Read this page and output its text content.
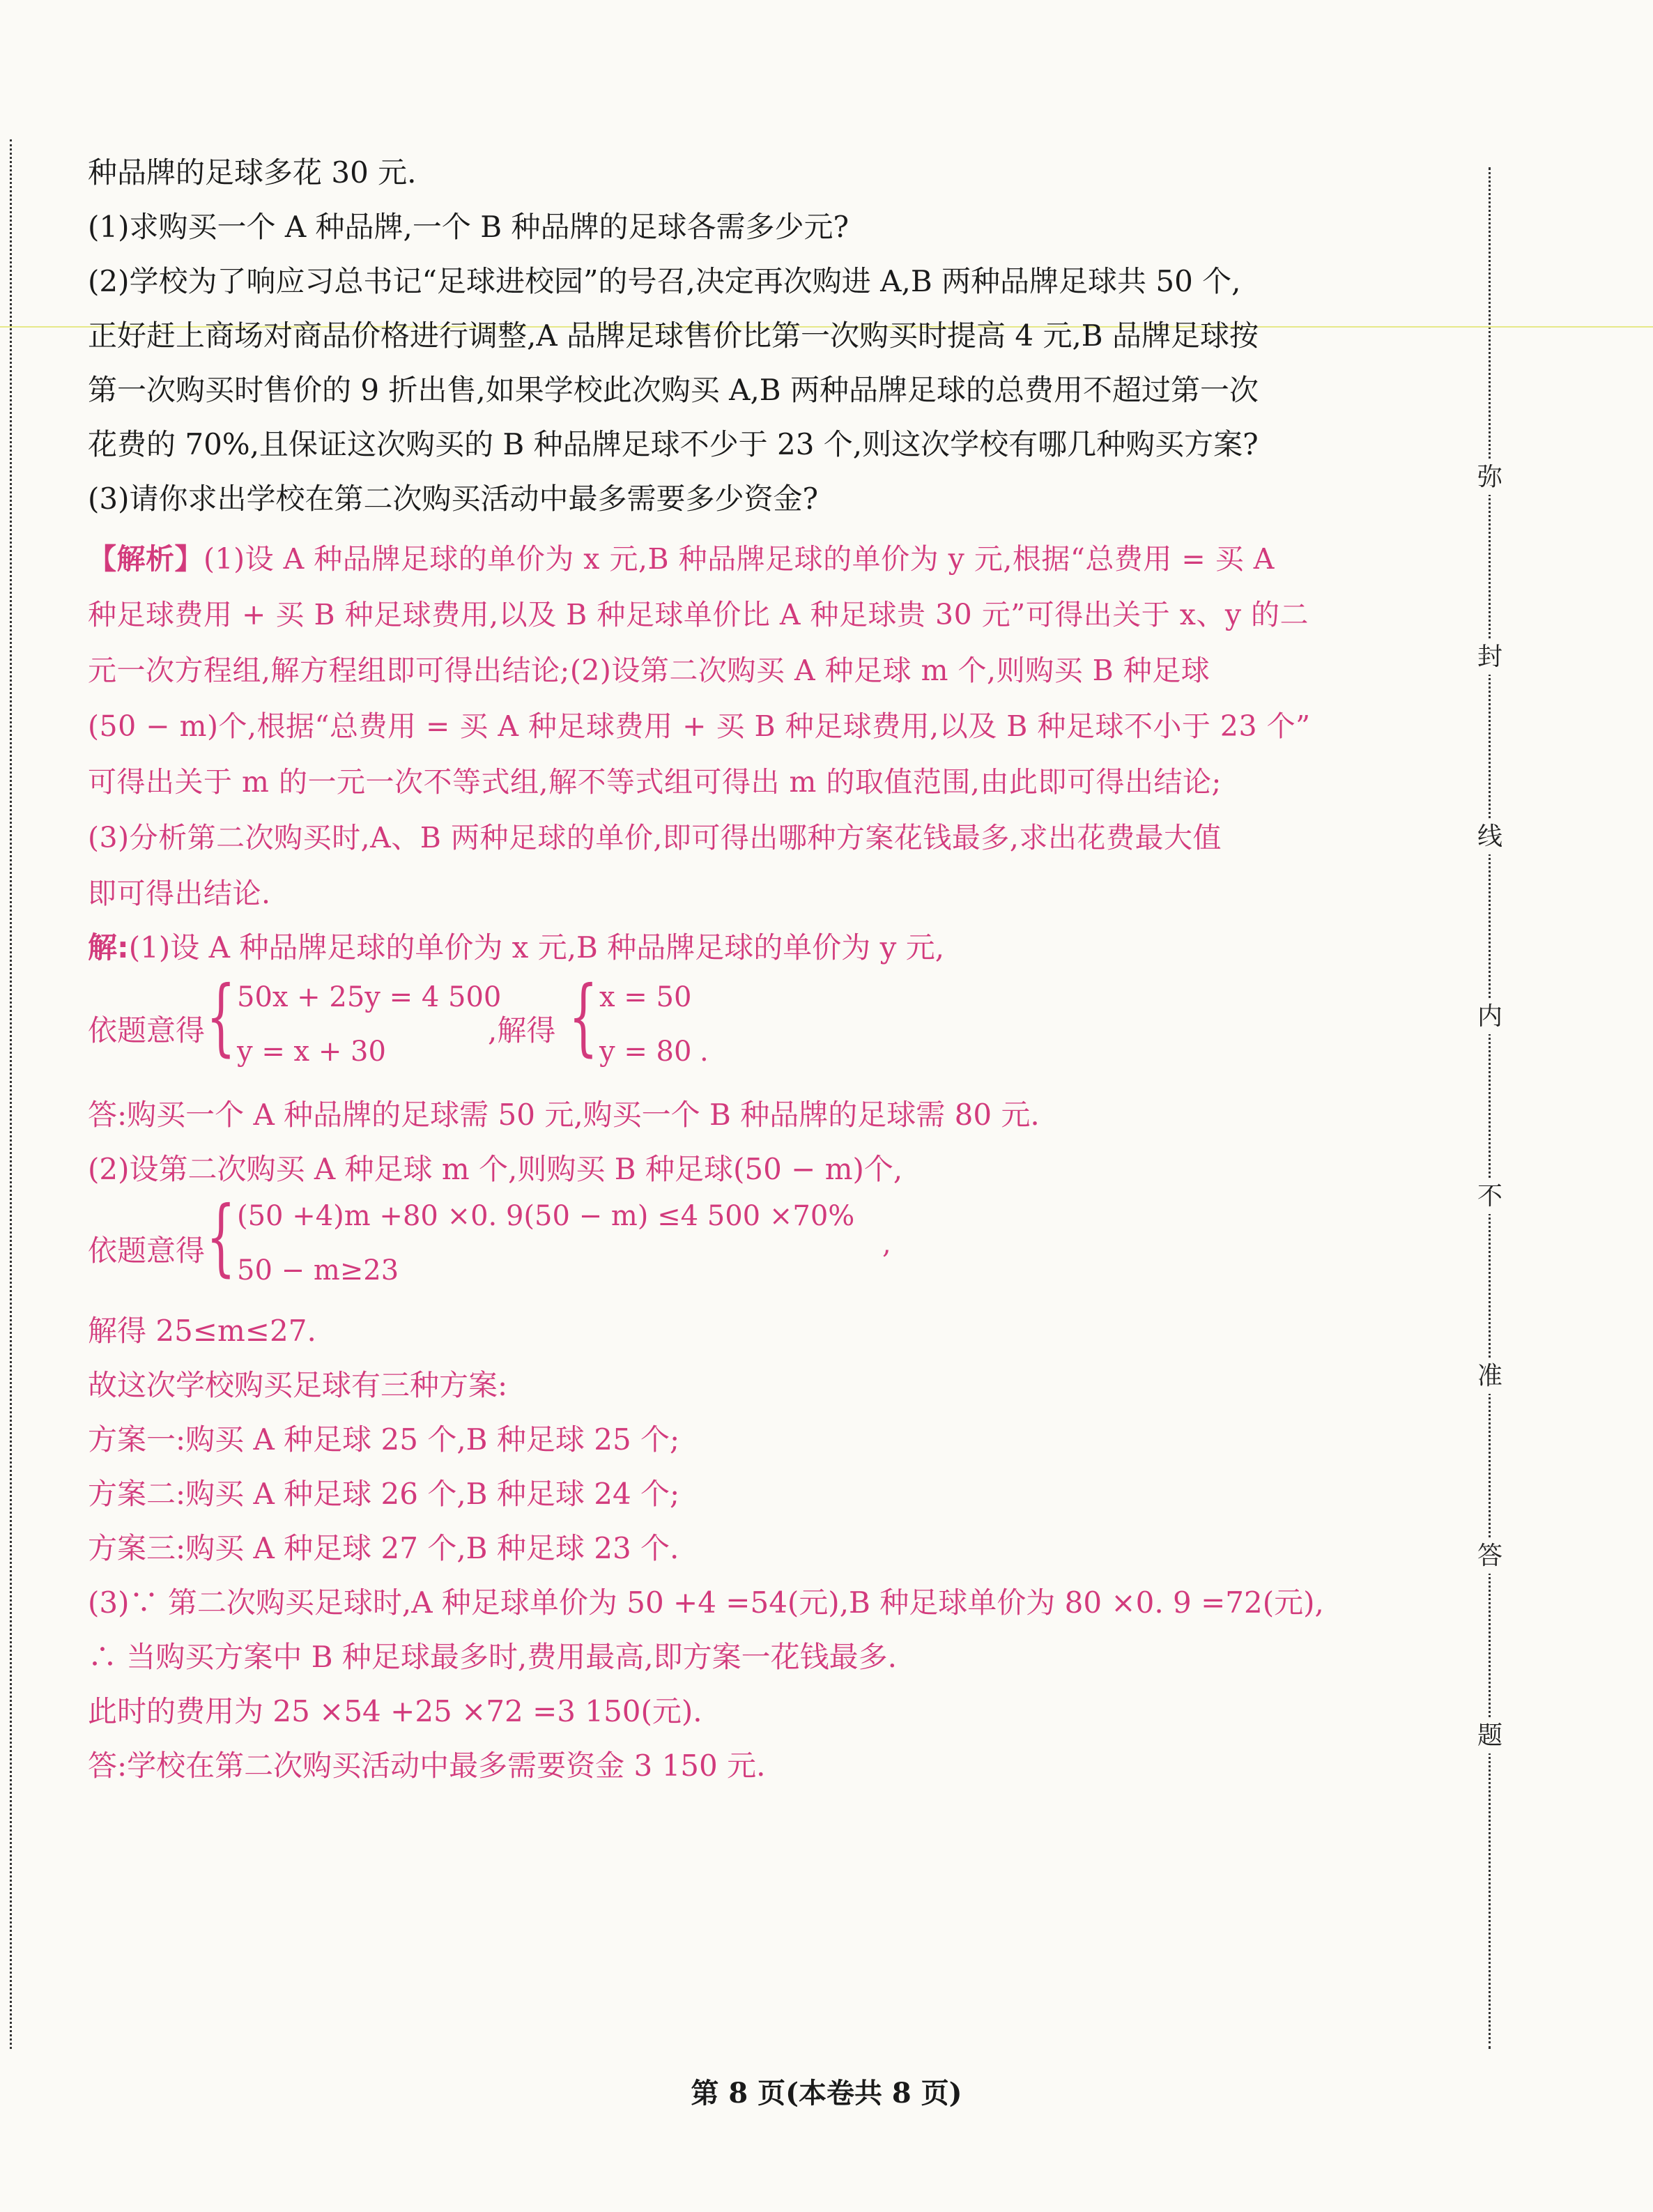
弥
封
线
内
不
准
答
题
种品牌的足球多花 30 元.
(1)求购买一个 A 种品牌,一个 B 种品牌的足球各需多少元?
(2)学校为了响应习总书记“足球进校园”的号召,决定再次购进 A,B 两种品牌足球共 50 个,
正好赶上商场对商品价格进行调整,A 品牌足球售价比第一次购买时提高 4 元,B 品牌足球按
第一次购买时售价的 9 折出售,如果学校此次购买 A,B 两种品牌足球的总费用不超过第一次
花费的 70%,且保证这次购买的 B 种品牌足球不少于 23 个,则这次学校有哪几种购买方案?
(3)请你求出学校在第二次购买活动中最多需要多少资金?
【解析】(1)设 A 种品牌足球的单价为 x 元,B 种品牌足球的单价为 y 元,根据“总费用 = 买 A
种足球费用 + 买 B 种足球费用,以及 B 种足球单价比 A 种足球贵 30 元”可得出关于 x、y 的二
元一次方程组,解方程组即可得出结论;(2)设第二次购买 A 种足球 m 个,则购买 B 种足球
(50 − m)个,根据“总费用 = 买 A 种足球费用 + 买 B 种足球费用,以及 B 种足球不小于 23 个”
可得出关于 m 的一元一次不等式组,解不等式组可得出 m 的取值范围,由此即可得出结论;
(3)分析第二次购买时,A、B 两种足球的单价,即可得出哪种方案花钱最多,求出花费最大值
即可得出结论.
解:(1)设 A 种品牌足球的单价为 x 元,B 种品牌足球的单价为 y 元,
依题意得 { 50x + 25y = 4 500
y = x + 30
,解得 { x = 50
y = 80 .
答:购买一个 A 种品牌的足球需 50 元,购买一个 B 种品牌的足球需 80 元.
(2)设第二次购买 A 种足球 m 个,则购买 B 种足球(50 − m)个,
依题意得 { (50 +4)m +80 ×0. 9(50 − m) ≤4 500 ×70%
50 − m≥23
,
解得 25≤m≤27.
故这次学校购买足球有三种方案:
方案一:购买 A 种足球 25 个,B 种足球 25 个;
方案二:购买 A 种足球 26 个,B 种足球 24 个;
方案三:购买 A 种足球 27 个,B 种足球 23 个.
(3)∵ 第二次购买足球时,A 种足球单价为 50 +4 =54(元),B 种足球单价为 80 ×0. 9 =72(元),
∴ 当购买方案中 B 种足球最多时,费用最高,即方案一花钱最多.
此时的费用为 25 ×54 +25 ×72 =3 150(元).
答:学校在第二次购买活动中最多需要资金 3 150 元.
第 8 页(本卷共 8 页)
